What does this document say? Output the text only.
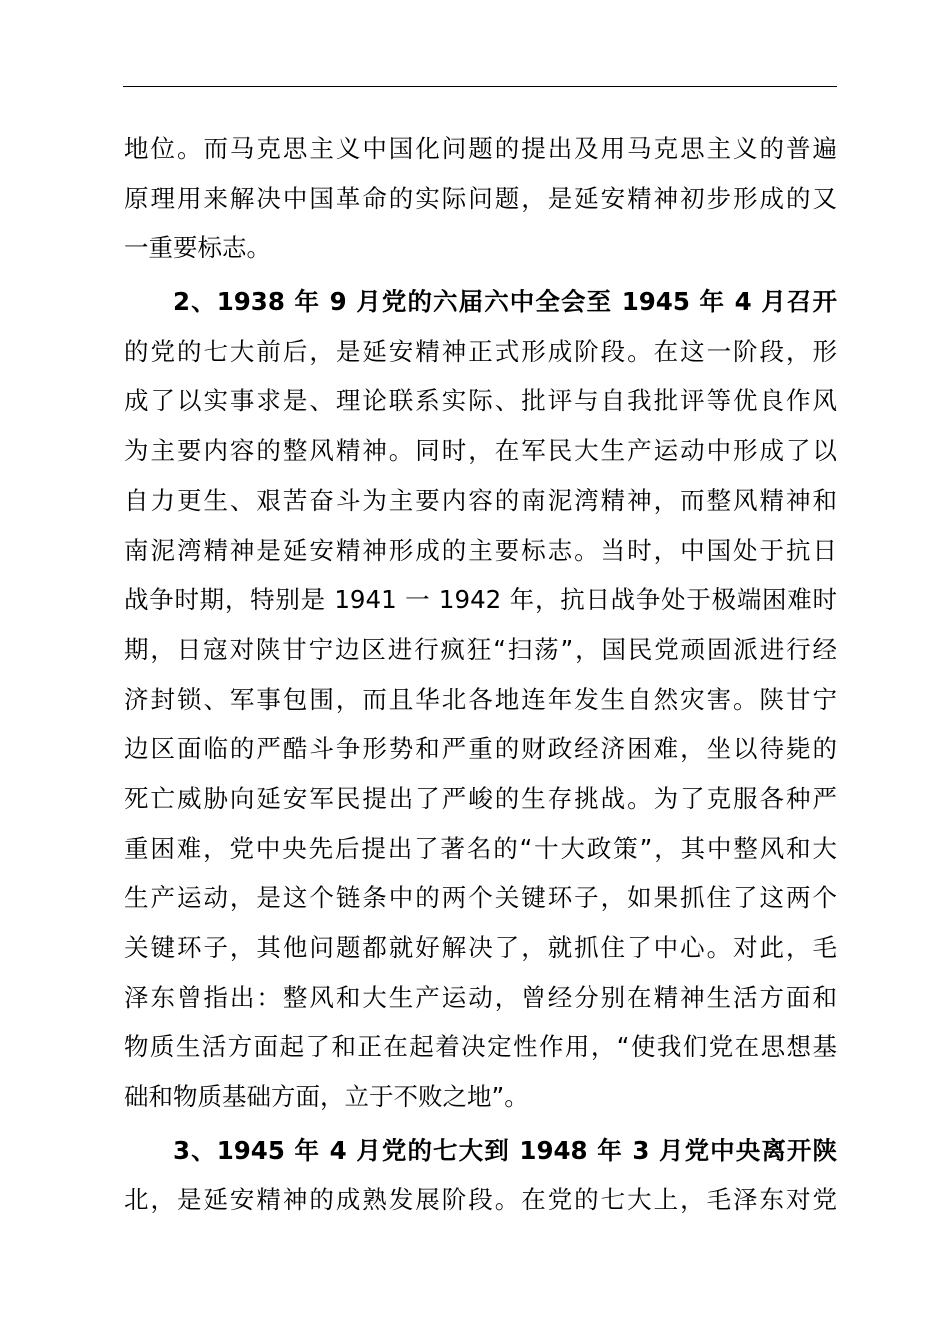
地位。而马克思主义中国化问题的提出及用马克思主义的普遍
原理用来解决中国革命的实际问题，是延安精神初步形成的又
一重要标志。
2、1938 年 9 月党的六届六中全会至 1945 年 4 月召开
的党的七大前后，是延安精神正式形成阶段。在这一阶段，形
成了以实事求是、理论联系实际、批评与自我批评等优良作风
为主要内容的整风精神。同时，在军民大生产运动中形成了以
自力更生、艰苦奋斗为主要内容的南泥湾精神，而整风精神和
南泥湾精神是延安精神形成的主要标志。当时，中国处于抗日
战争时期，特别是 1941 一 1942 年，抗日战争处于极端困难时
期，日寇对陕甘宁边区进行疯狂“扫荡”，国民党顽固派进行经
济封锁、军事包围，而且华北各地连年发生自然灾害。陕甘宁
边区面临的严酷斗争形势和严重的财政经济困难，坐以待毙的
死亡威胁向延安军民提出了严峻的生存挑战。为了克服各种严
重困难，党中央先后提出了著名的“十大政策”，其中整风和大
生产运动，是这个链条中的两个关键环子，如果抓住了这两个
关键环子，其他问题都就好解决了，就抓住了中心。对此，毛
泽东曾指出：整风和大生产运动，曾经分别在精神生活方面和
物质生活方面起了和正在起着决定性作用，“使我们党在思想基
础和物质基础方面，立于不败之地”。
3、1945 年 4 月党的七大到 1948 年 3 月党中央离开陕
北，是延安精神的成熟发展阶段。在党的七大上，毛泽东对党
